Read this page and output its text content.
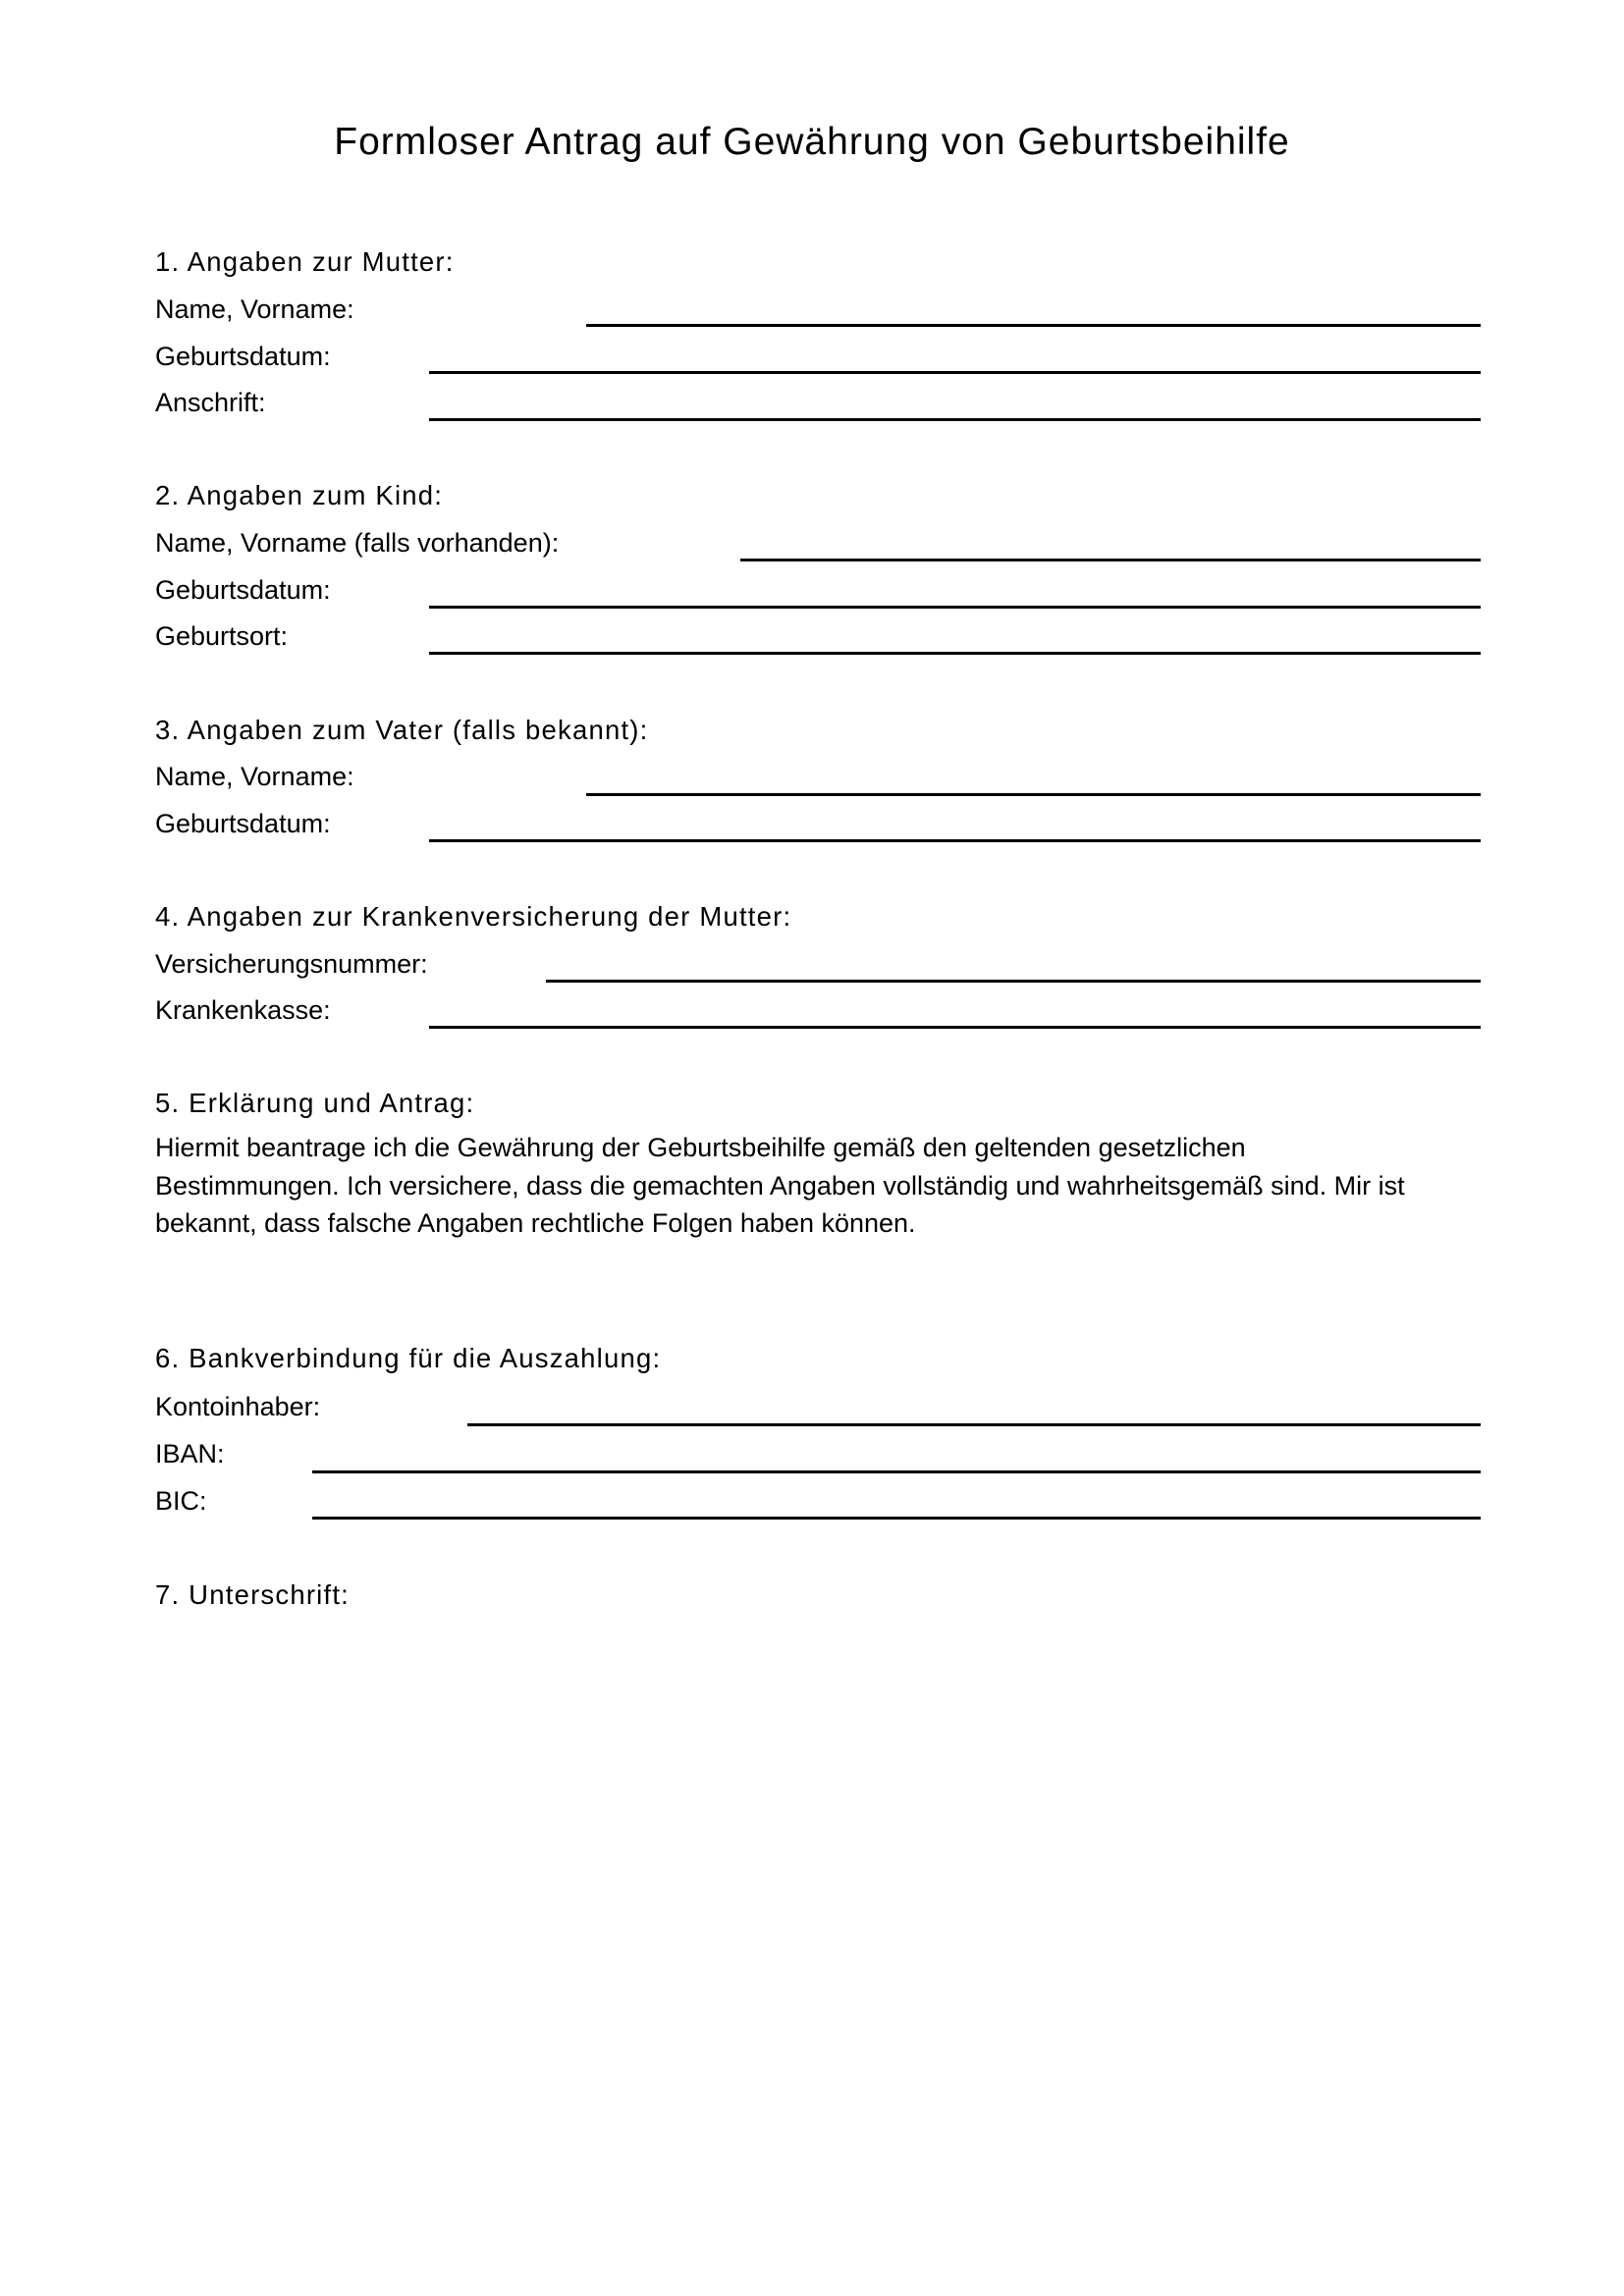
Formloser Antrag auf Gewährung von Geburtsbeihilfe
1. Angaben zur Mutter:
Name, Vorname:
Geburtsdatum:
Anschrift:
2. Angaben zum Kind:
Name, Vorname (falls vorhanden):
Geburtsdatum:
Geburtsort:
3. Angaben zum Vater (falls bekannt):
Name, Vorname:
Geburtsdatum:
4. Angaben zur Krankenversicherung der Mutter:
Versicherungsnummer:
Krankenkasse:
5. Erklärung und Antrag:
Hiermit beantrage ich die Gewährung der Geburtsbeihilfe gemäß den geltenden gesetzlichen
Bestimmungen. Ich versichere, dass die gemachten Angaben vollständig und wahrheitsgemäß sind. Mir ist
bekannt, dass falsche Angaben rechtliche Folgen haben können.
6. Bankverbindung für die Auszahlung:
Kontoinhaber:
IBAN:
BIC:
7. Unterschrift:
